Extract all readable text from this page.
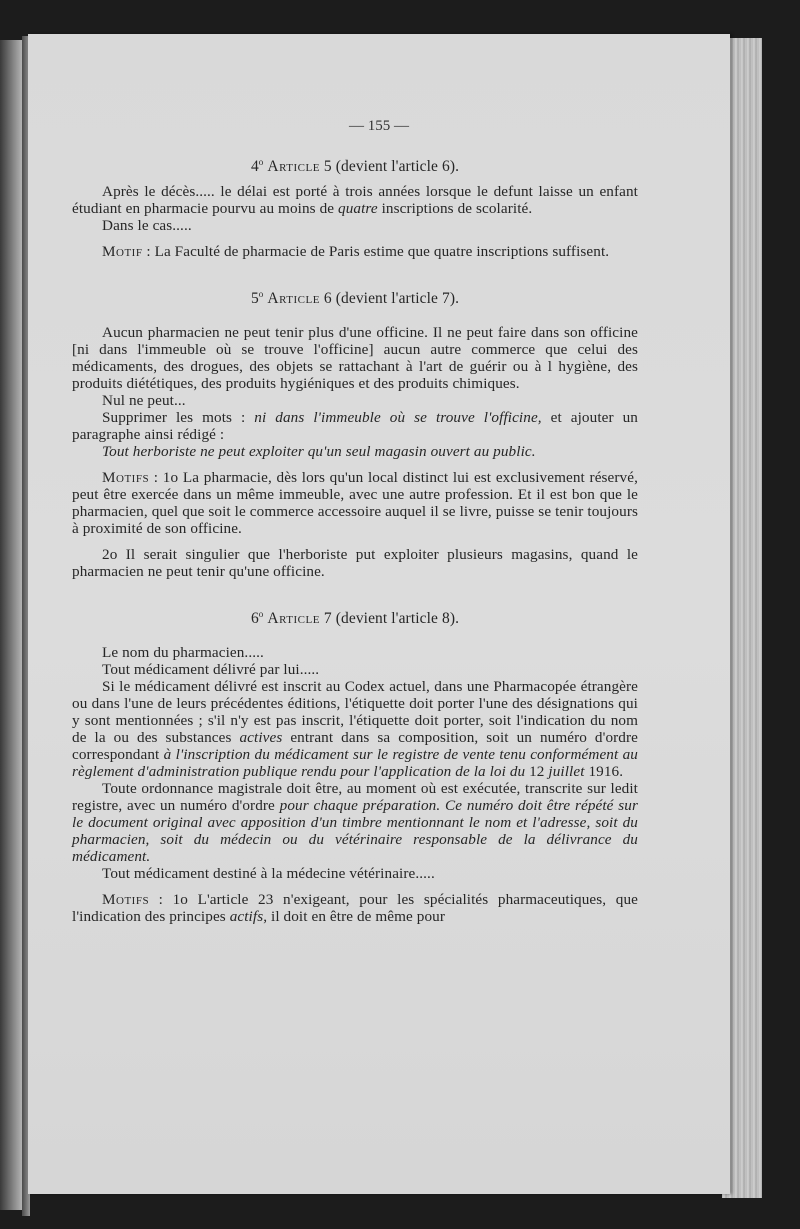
— 155 —
4$^o$ Article 5 (devient l'article 6).

Après le décès..... le délai est porté à trois années lorsque le defunt laisse un enfant étudiant en pharmacie pourvu au moins de quatre inscriptions de scolarité.

Dans le cas.....

Motif : La Faculté de pharmacie de Paris estime que quatre inscriptions suffisent.

5$^o$ Article 6 (devient l'article 7).

Aucun pharmacien ne peut tenir plus d'une officine. Il ne peut faire dans son officine [ni dans l'immeuble où se trouve l'officine] aucun autre commerce que celui des médicaments, des drogues, des objets se rattachant à l'art de guérir ou à l hygiène, des produits diététiques, des produits hygiéniques et des produits chimiques.

Nul ne peut...

Supprimer les mots : ni dans l'immeuble où se trouve l'officine, et ajouter un paragraphe ainsi rédigé :

Tout herboriste ne peut exploiter qu'un seul magasin ouvert au public.

Motifs : 1o La pharmacie, dès lors qu'un local distinct lui est exclusivement réservé, peut être exercée dans un même immeuble, avec une autre profession. Et il est bon que le pharmacien, quel que soit le commerce accessoire auquel il se livre, puisse se tenir toujours à proximité de son officine.

2o Il serait singulier que l'herboriste put exploiter plusieurs magasins, quand le pharmacien ne peut tenir qu'une officine.

6$^o$ Article 7 (devient l'article 8).

Le nom du pharmacien.....

Tout médicament délivré par lui.....

Si le médicament délivré est inscrit au Codex actuel, dans une Pharmacopée étrangère ou dans l'une de leurs précédentes éditions, l'étiquette doit porter l'une des désignations qui y sont mentionnées ; s'il n'y est pas inscrit, l'étiquette doit porter, soit l'indication du nom de la ou des substances actives entrant dans sa composition, soit un numéro d'ordre correspondant à l'inscription du médicament sur le registre de vente tenu conformément au règlement d'administration publique rendu pour l'application de la loi du 12 juillet 1916.

Toute ordonnance magistrale doit être, au moment où est exécutée, transcrite sur ledit registre, avec un numéro d'ordre pour chaque préparation. Ce numéro doit être répété sur le document original avec apposition d'un timbre mentionnant le nom et l'adresse, soit du pharmacien, soit du médecin ou du vétérinaire responsable de la délivrance du médicament.

Tout médicament destiné à la médecine vétérinaire.....

Motifs : 1o L'article 23 n'exigeant, pour les spécialités pharmaceutiques, que l'indication des principes actifs, il doit en être de même pour
